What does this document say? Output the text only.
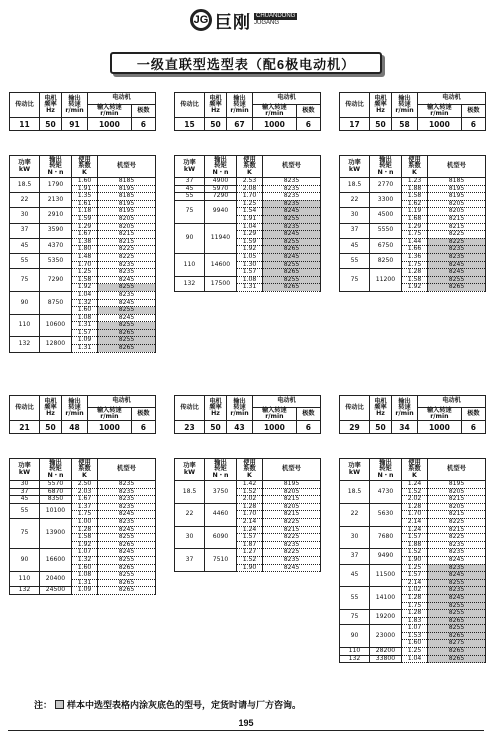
JG 巨刚 CHUANDONG
JUGANG
一级直联型选型表（配6极电动机）
传动比	电机
频率
Hz	输出
转速
r/min	电动机	
			输入转速
r/min	极数
11	50	91	1000	6
功率
kW	输出
转矩
N・n	使用
系数
K	机型号
18.5	1790	1.60	8185
		1.91	8195
22	2130	1.35	8185
		1.61	8195
30	2910	1.18	8195
		1.59	8205
37	3590	1.29	8205
		1.67	8215
45	4370	1.38	8215
		1.80	8225
55	5350	1.48	8225
		1.70	8235
75	7290	1.25	8235
		1.58	8245
		1.92	8255
90	8750	1.04	8235
		1.32	8245
		1.60	8255
110	10600	1.08	8245
		1.31	8255
		1.57	8265
132	12800	1.09	8255
		1.31	8265
传动比	电机
频率
Hz	输出
转速
r/min	电动机	
			输入转速
r/min	极数
15	50	67	1000	6
功率
kW	输出
转矩
N・n	使用
系数
K	机型号
37	4900	2.53	8235
45	5970	2.08	8235
55	7290	1.70	8235
75	9940	1.25	8235
		1.54	8245
		1.91	8255
90	11940	1.04	8235
		1.29	8245
		1.59	8255
		1.92	8265
110	14600	1.05	8245
		1.30	8255
		1.57	8265
132	17500	1.08	8255
		1.31	8265
传动比	电机
频率
Hz	输出
转速
r/min	电动机	
			输入转速
r/min	极数
17	50	58	1000	6
功率
kW	输出
转矩
N・n	使用
系数
K	机型号
18.5	2770	1.23	8185
		1.88	8195
22	3300	1.58	8195
		1.62	8205
30	4500	1.19	8205
		1.68	8215
37	5550	1.29	8215
		1.75	8225
45	6750	1.44	8225
		1.66	8235
55	8250	1.36	8235
		1.75	8245
75	11200	1.28	8245
		1.58	8255
		1.92	8265
传动比	电机
频率
Hz	输出
转速
r/min	电动机	
			输入转速
r/min	极数
21	50	48	1000	6
功率
kW	输出
转矩
N・n	使用
系数
K	机型号
30	5570	2.50	8235
37	6870	2.03	8235
45	8350	1.67	8235
55	10100	1.37	8235
		1.75	8245
75	13900	1.00	8235
		1.28	8245
		1.58	8255
		1.92	8265
90	16600	1.07	8245
		1.32	8255
		1.60	8265
110	20400	1.08	8255
		1.31	8265
132	24500	1.09	8265
传动比	电机
频率
Hz	输出
转速
r/min	电动机	
			输入转速
r/min	极数
23	50	43	1000	6
功率
kW	输出
转矩
N・n	使用
系数
K	机型号
18.5	3750	1.42	8195
		1.52	8205
		2.02	8215
22	4460	1.28	8205
		1.70	8215
		2.14	8225
30	6090	1.24	8215
		1.57	8225
		1.87	8235
37	7510	1.27	8225
		1.52	8235
		1.90	8245
传动比	电机
频率
Hz	输出
转速
r/min	电动机	
			输入转速
r/min	极数
29	50	34	1000	6
功率
kW	输出
转矩
N・n	使用
系数
K	机型号
18.5	4730	1.24	8195
		1.52	8205
		2.02	8215
22	5630	1.28	8205
		1.70	8215
		2.14	8225
30	7680	1.24	8215
		1.57	8225
		1.88	8235
37	9490	1.52	8235
		1.90	8245
45	11500	1.25	8235
		1.57	8245
		2.14	8255
55	14100	1.02	8235
		1.28	8245
		1.75	8255
75	19200	1.28	8255
		1.83	8265
90	23000	1.07	8255
		1.53	8265
		1.60	8275
110	28200	1.25	8265
132	33800	1.04	8265
注： 样本中选型表格内涂灰底色的型号，定货时请与厂方咨询。
195
